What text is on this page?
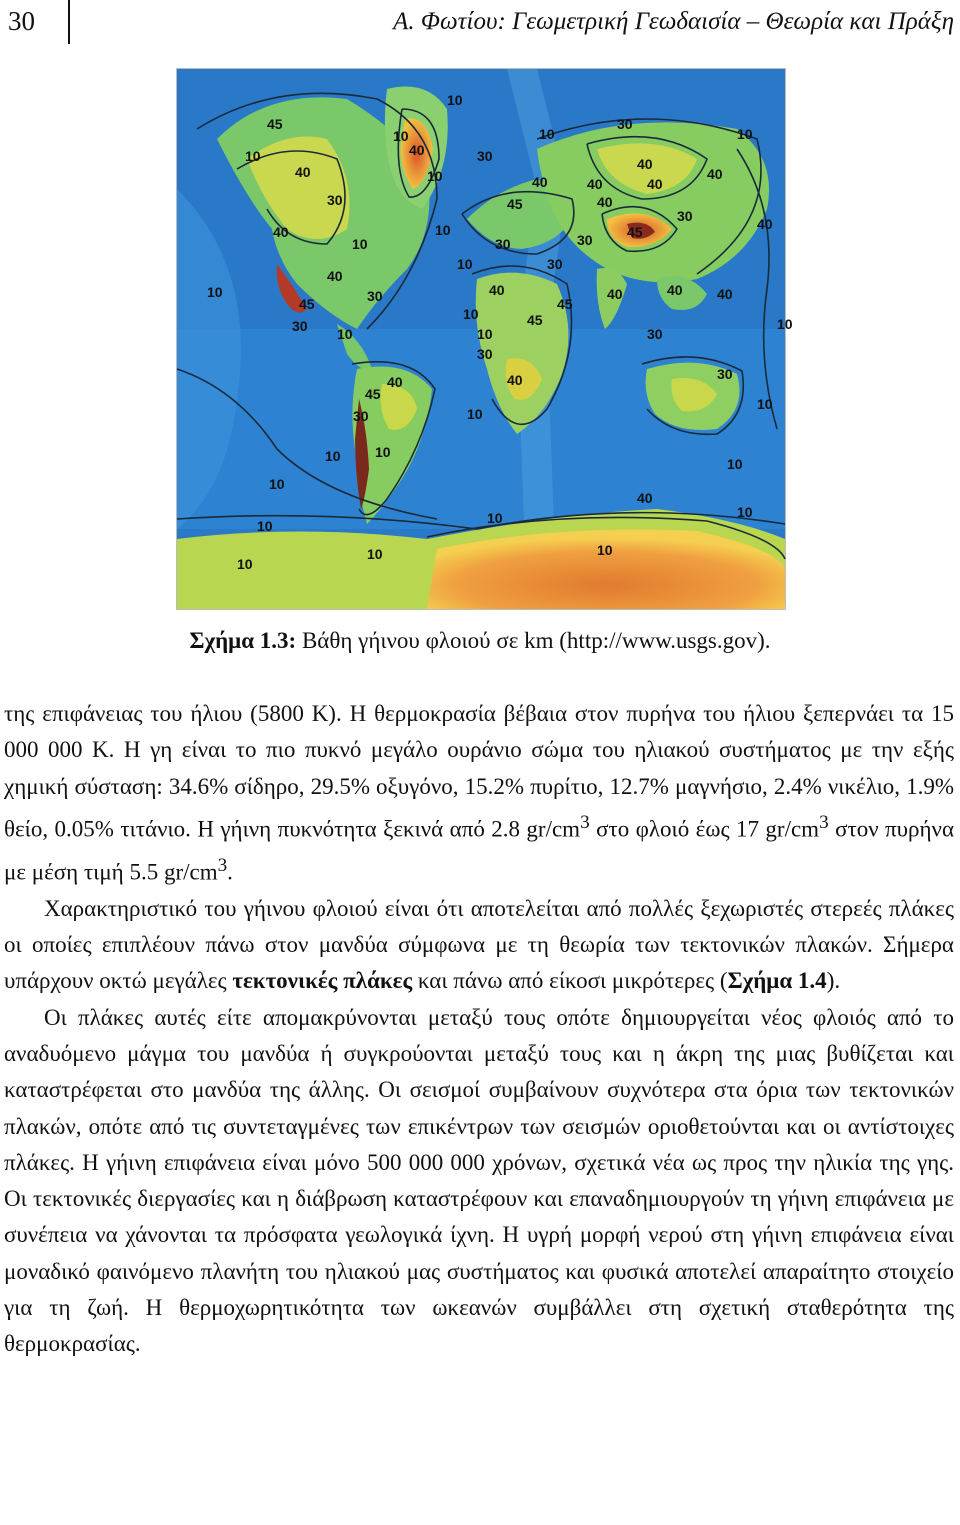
30	Α. Φωτίου: Γεωμετρική Γεωδαισία – Θεωρία και Πράξη
10	40
40
30
10
40
45
40
10
30
30
10
45
30
10
40
10
10
30
45
40
30
10
40
45
40
30
10
45
30
30
40
40
40
30
40
45
40 40
40
10
40
30
30
10
10
10
10
10
10
10
10
45
40
30
10
10
10	10
40
10
10
10	10
Σχήμα 1.3: Βάθη γήινου φλοιού σε km (http://www.usgs.gov).

της επιφάνειας του ήλιου (5800 K). Η θερμοκρασία βέβαια στον πυρήνα του ήλιου ξεπερνάει τα 15 000 000 K. Η γη είναι το πιο πυκνό μεγάλο ουράνιο σώμα του ηλιακού συστήματος με την εξής χημική σύσταση: 34.6% σίδηρο, 29.5% οξυγόνο, 15.2% πυρίτιο, 12.7% μαγνήσιο, 2.4% νικέλιο, 1.9% θείο, 0.05% τιτάνιο. Η γήινη πυκνότητα ξεκινά από 2.8 $gr/cm^3$ στο φλοιό έως 17 $gr/cm^3$ στον πυρήνα με μέση τιμή 5.5 $gr/cm^3$.

Χαρακτηριστικό του γήινου φλοιού είναι ότι αποτελείται από πολλές ξεχωριστές στερεές πλάκες οι οποίες επιπλέουν πάνω στον μανδύα σύμφωνα με τη θεωρία των τεκτονικών πλακών. Σήμερα υπάρχουν οκτώ μεγάλες τεκτονικές πλάκες και πάνω από είκοσι μικρότερες (Σχήμα 1.4).

Οι πλάκες αυτές είτε απομακρύνονται μεταξύ τους οπότε δημιουργείται νέος φλοιός από το αναδυόμενο μάγμα του μανδύα ή συγκρούονται μεταξύ τους και η άκρη της μιας βυθίζεται και καταστρέφεται στο μανδύα της άλλης. Οι σεισμοί συμβαίνουν συχνότερα στα όρια των τεκτονικών πλακών, οπότε από τις συντεταγμένες των επικέντρων των σεισμών οριοθετούνται και οι αντίστοιχες πλάκες. Η γήινη επιφάνεια είναι μόνο 500 000 000 χρόνων, σχετικά νέα ως προς την ηλικία της γης. Οι τεκτονικές διεργασίες και η διάβρωση καταστρέφουν και επαναδημιουργούν τη γήινη επιφάνεια με συνέπεια να χάνονται τα πρόσφατα γεωλογικά ίχνη. Η υγρή μορφή νερού στη γήινη επιφάνεια είναι μοναδικό φαινόμενο πλανήτη του ηλιακού μας συστήματος και φυσικά αποτελεί απαραίτητο στοιχείο για τη ζωή. Η θερμοχωρητικότητα των ωκεανών συμβάλλει στη σχετική σταθερότητα της θερμοκρασίας.
